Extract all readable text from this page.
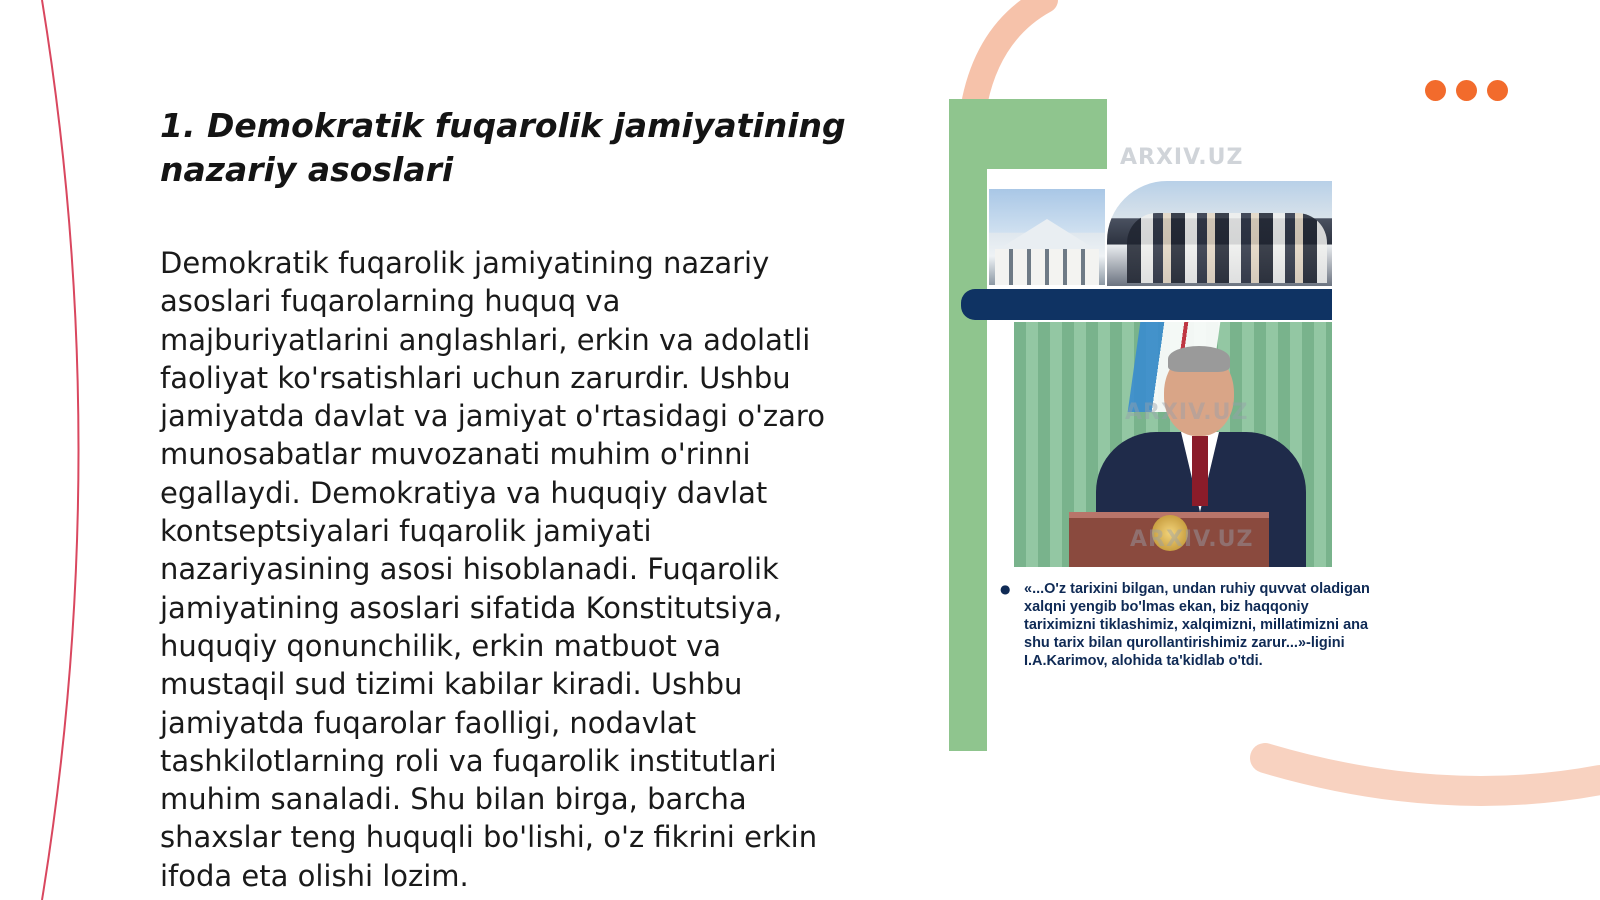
1. Demokratik fuqarolik jamiyatining nazariy asoslari

Demokratik fuqarolik jamiyatining nazariy asoslari fuqarolarning huquq va majburiyatlarini anglashlari, erkin va adolatli faoliyat ko'rsatishlari uchun zarurdir. Ushbu jamiyatda davlat va jamiyat o'rtasidagi o'zaro munosabatlar muvozanati muhim o'rinni egallaydi. Demokratiya va huquqiy davlat kontseptsiyalari fuqarolik jamiyati nazariyasining asosi hisoblanadi. Fuqarolik jamiyatining asoslari sifatida Konstitutsiya, huquqiy qonunchilik, erkin matbuot va mustaqil sud tizimi kabilar kiradi. Ushbu jamiyatda fuqarolar faolligi, nodavlat tashkilotlarning roli va fuqarolik institutlari muhim sanaladi. Shu bilan birga, barcha shaxslar teng huquqli bo'lishi, o'z fikrini erkin ifoda eta olishi lozim.

ARXIV.UZ
ARXIV.UZ
ARXIV.UZ
● «...O'z tarixini bilgan, undan ruhiy quvvat oladigan xalqni yengib bo'lmas ekan, biz haqqoniy tariximizni tiklashimiz, xalqimizni, millatimizni ana shu tarix bilan qurollantirishimiz zarur...»-ligini I.A.Karimov, alohida ta'kidlab o'tdi.
